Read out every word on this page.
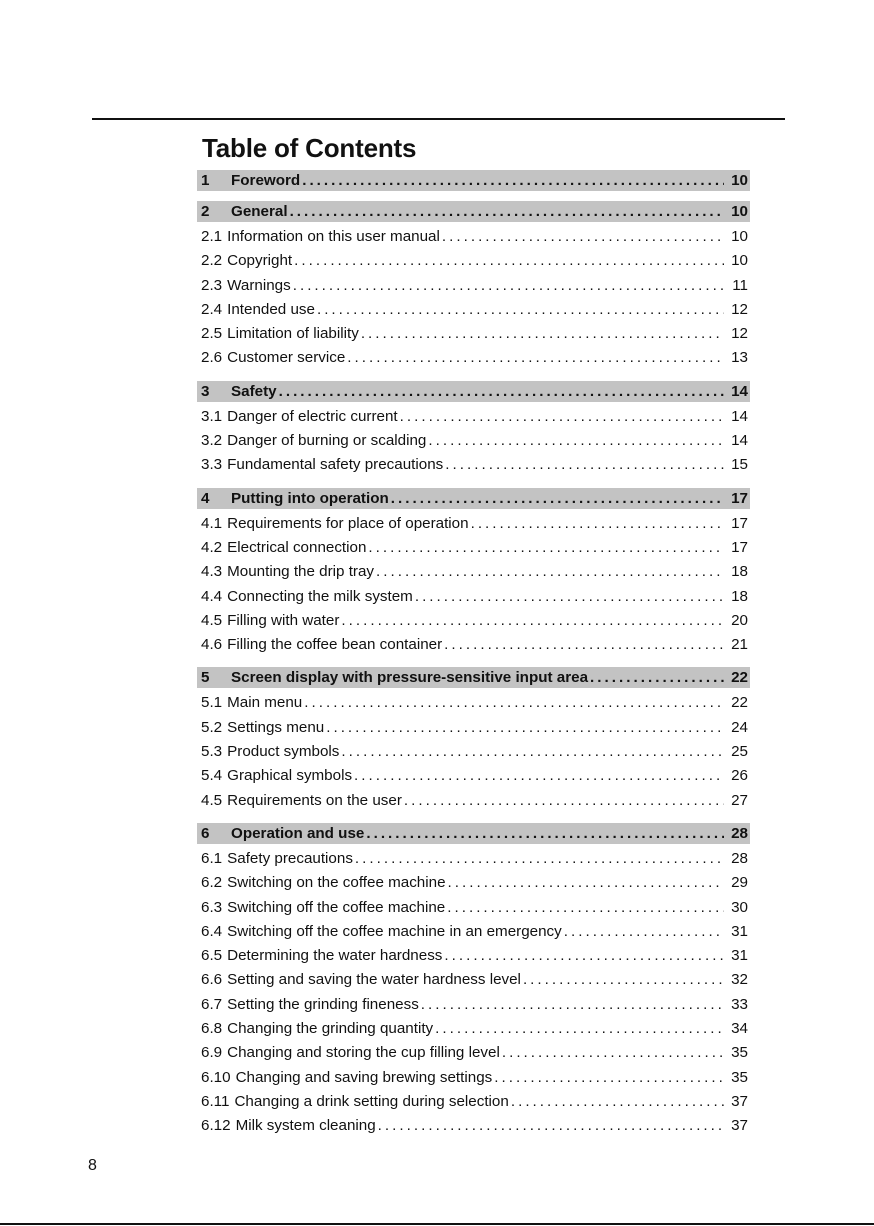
Table of Contents
1	Foreword . . .	10
2	General . . .	10
2.1 Information on this user manual . . .	10
2.2 Copyright . . .	10
2.3 Warnings . . .	11
2.4 Intended use . . .	12
2.5 Limitation of liability . . .	12
2.6 Customer service . . .	13
3	Safety . . .	14
3.1 Danger of electric current . . .	14
3.2 Danger of burning or scalding . . .	14
3.3 Fundamental safety precautions . . .	15
4	Putting into operation . . .	17
4.1 Requirements for place of operation . . .	17
4.2 Electrical connection . . .	17
4.3 Mounting the drip tray . . .	18
4.4 Connecting the milk system . . .	18
4.5 Filling with water . . .	20
4.6 Filling the coffee bean container . . .	21
5	Screen display with pressure-sensitive input area . . .	22
5.1 Main menu . . .	22
5.2 Settings menu . . .	24
5.3 Product symbols . . .	25
5.4 Graphical symbols . . .	26
4.5 Requirements on the user . . .	27
6	Operation and use . . .	28
6.1 Safety precautions . . .	28
6.2 Switching on the coffee machine . . .	29
6.3 Switching off the coffee machine . . .	30
6.4 Switching off the coffee machine in an emergency . . .	31
6.5 Determining the water hardness . . .	31
6.6 Setting and saving the water hardness level . . .	32
6.7 Setting the grinding fineness . . .	33
6.8 Changing the grinding quantity . . .	34
6.9 Changing and storing the cup filling level . . .	35
6.10 Changing and saving brewing settings . . .	35
6.11 Changing a drink setting during selection . . .	37
6.12 Milk system cleaning . . .	37
8
